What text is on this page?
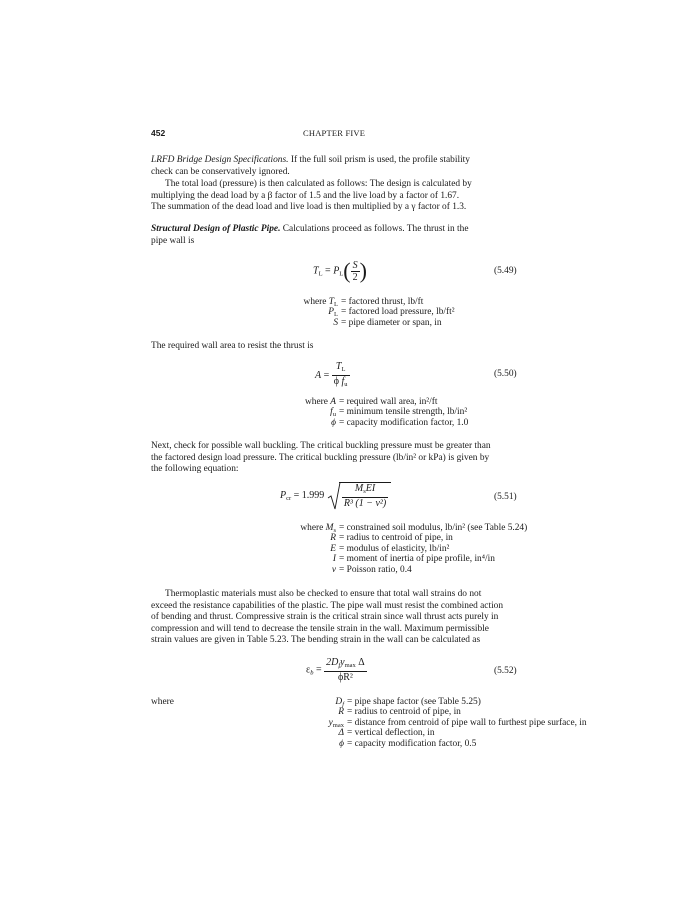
452	CHAPTER FIVE
LRFD Bridge Design Specifications. If the full soil prism is used, the profile stability
check can be conservatively ignored.
The total load (pressure) is then calculated as follows: The design is calculated by
multiplying the dead load by a β factor of 1.5 and the live load by a factor of 1.67.
The summation of the dead load and live load is then multiplied by a γ factor of 1.3.
Structural Design of Plastic Pipe. Calculations proceed as follows. The thrust in the
pipe wall is
$T_L = P_L( \frac{S}{2}$ )	(5.49)
where $T_L$ = factored thrust, lb/ft
$P_L$ = factored load pressure, lb/ft²
S = pipe diameter or span, in
The required wall area to resist the thrust is
$A = \frac{T_L}{\phi f_u}$	(5.50)
where A = required wall area, in²/ft
$f_u$ = minimum tensile strength, lb/in²
ϕ = capacity modification factor, 1.0
Next, check for possible wall buckling. The critical buckling pressure must be greater than
the factored design load pressure. The critical buckling pressure (lb/in² or kPa) is given by
the following equation:
$P_{cr} = 1.999 \frac{M_sEI}{\text{R³ (1 − ν²)}}$	(5.51)
where $M_s$ = constrained soil modulus, lb/in² (see Table 5.24)
R = radius to centroid of pipe, in
E = modulus of elasticity, lb/in²
I = moment of inertia of pipe profile, in⁴/in
ν = Poisson ratio, 0.4
Thermoplastic materials must also be checked to ensure that total wall strains do not
exceed the resistance capabilities of the plastic. The pipe wall must resist the combined action
of bending and thrust. Compressive strain is the critical strain since wall thrust acts purely in
compression and will tend to decrease the tensile strain in the wall. Maximum permissible
strain values are given in Table 5.23. The bending strain in the wall can be calculated as
$\varepsilon_b = \frac{2D_fy_{max} \Delta}{\text{ϕR²}}$	(5.52)
where	$D_f$ = pipe shape factor (see Table 5.25)
R = radius to centroid of pipe, in
$y_{max}$ = distance from centroid of pipe wall to furthest pipe surface, in
Δ = vertical deflection, in
ϕ = capacity modification factor, 0.5
